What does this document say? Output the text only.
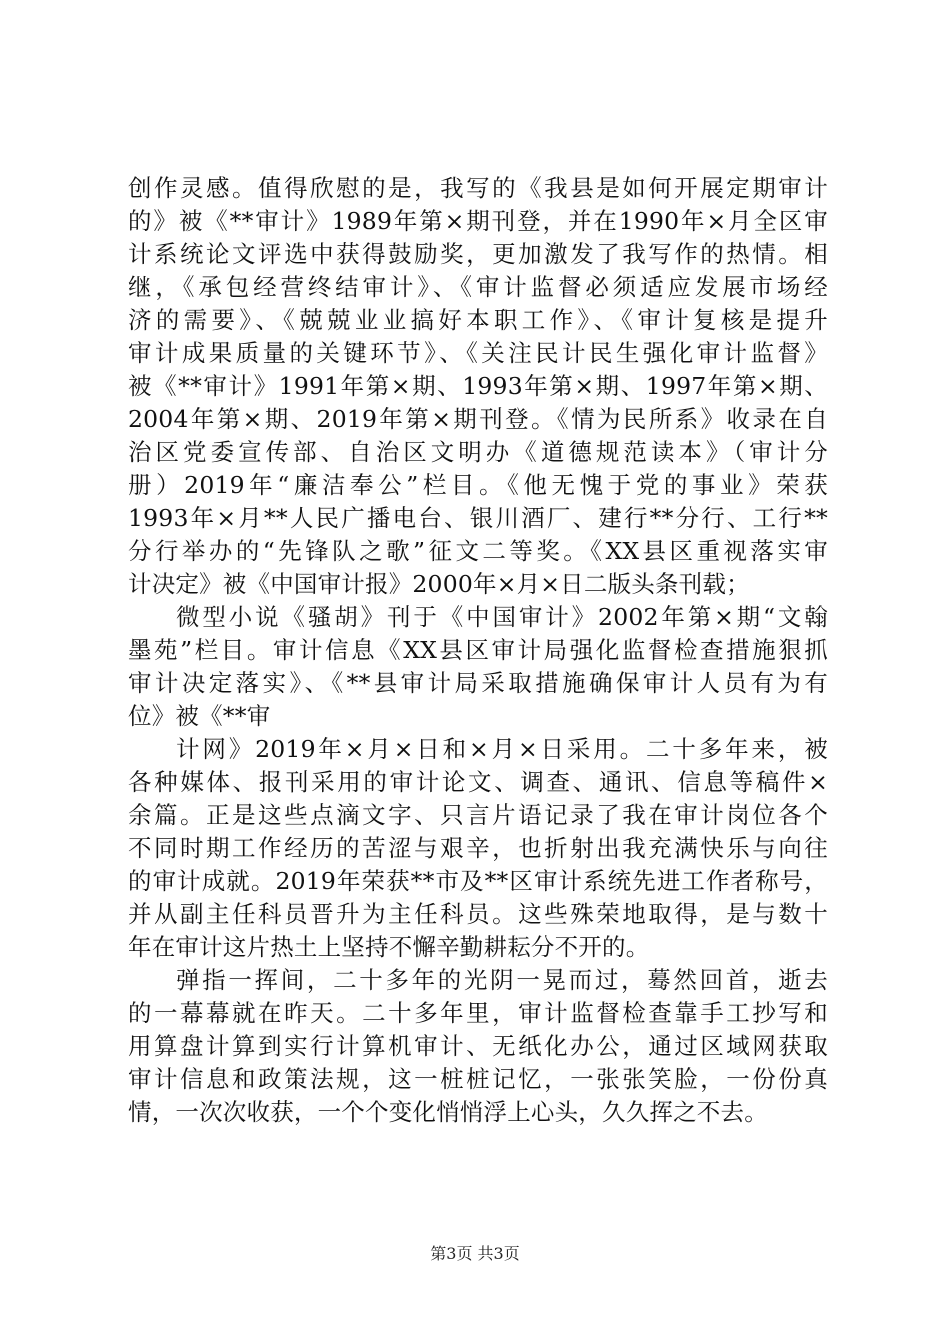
创作灵感。值得欣慰的是，我写的《我县是如何开展定期审计
的》被《**审计》1989年第×期刊登，并在1990年×月全区审
计系统论文评选中获得鼓励奖，更加激发了我写作的热情。相
继，《承包经营终结审计》、《审计监督必须适应发展市场经
济的需要》、《兢兢业业搞好本职工作》、《审计复核是提升
审计成果质量的关键环节》、《关注民计民生强化审计监督》
被《**审计》1991年第×期、1993年第×期、1997年第×期、
2004年第×期、2019年第×期刊登。《情为民所系》收录在自
治区党委宣传部、自治区文明办《道德规范读本》（审计分
册）2019年“廉洁奉公”栏目。《他无愧于党的事业》荣获
1993年×月**人民广播电台、银川酒厂、建行**分行、工行**
分行举办的“先锋队之歌”征文二等奖。《XX县区重视落实审
计决定》被《中国审计报》2000年×月×日二版头条刊载；
微型小说《骚胡》刊于《中国审计》2002年第×期“文翰
墨苑”栏目。审计信息《XX县区审计局强化监督检查措施狠抓
审计决定落实》、《**县审计局采取措施确保审计人员有为有
位》被《**审
计网》2019年×月×日和×月×日采用。二十多年来，被
各种媒体、报刊采用的审计论文、调查、通讯、信息等稿件×
余篇。正是这些点滴文字、只言片语记录了我在审计岗位各个
不同时期工作经历的苦涩与艰辛，也折射出我充满快乐与向往
的审计成就。2019年荣获**市及**区审计系统先进工作者称号，
并从副主任科员晋升为主任科员。这些殊荣地取得，是与数十
年在审计这片热土上坚持不懈辛勤耕耘分不开的。
弹指一挥间，二十多年的光阴一晃而过，蓦然回首，逝去
的一幕幕就在昨天。二十多年里，审计监督检查靠手工抄写和
用算盘计算到实行计算机审计、无纸化办公，通过区域网获取
审计信息和政策法规，这一桩桩记忆，一张张笑脸，一份份真
情，一次次收获，一个个变化悄悄浮上心头，久久挥之不去。
第3页 共3页
